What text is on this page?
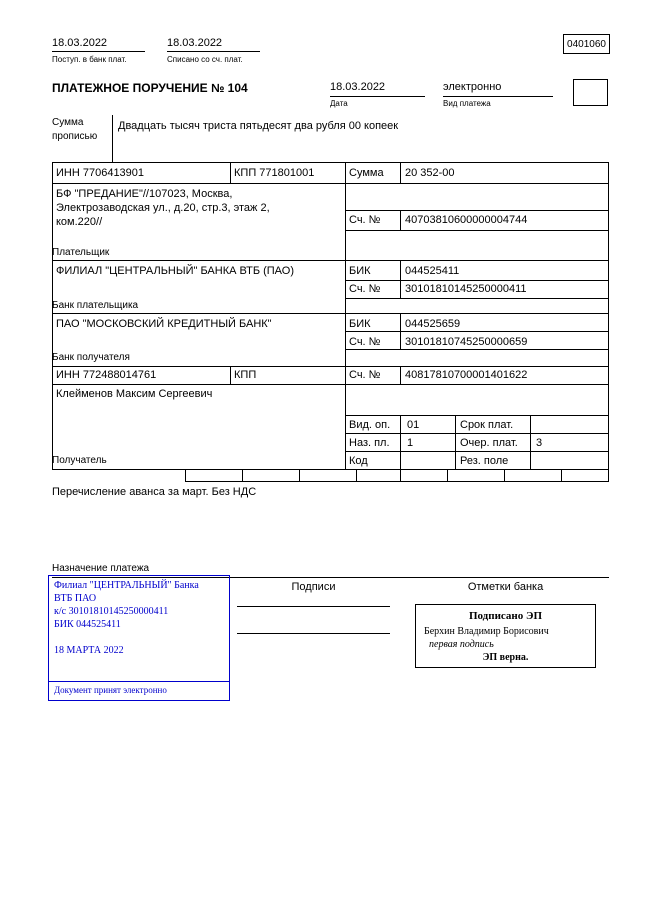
18.03.2022
Поступ. в банк плат.
18.03.2022
Списано со сч. плат.
0401060
ПЛАТЕЖНОЕ ПОРУЧЕНИЕ № 104	18.03.2022
Дата
электронно
Вид платежа
Сумма прописью
Двадцать тысяч триста пятьдесят два рубля 00 копеек
ИНН 7706413901	КПП 771801001	Сумма 20 352-00
БФ "ПРЕДАНИЕ"//107023, Москва, Электрозаводская ул., д.20, стр.3, этаж 2, ком.220//	Сч. № 40703810600000004744
Плательщик
ФИЛИАЛ "ЦЕНТРАЛЬНЫЙ" БАНКА ВТБ (ПАО)	БИК	044525411
Сч. № 30101810145250000411
Банк плательщика
ПАО "МОСКОВСКИЙ КРЕДИТНЫЙ БАНК"	БИК	044525659
Сч. № 30101810745250000659
Банк получателя
ИНН 772488014761	КПП	Сч. № 40817810700001401622
Клейменов Максим Сергеевич
Вид. оп. 01	Срок плат.
Наз. пл. 1	Очер. плат. 3
Получатель	Код	Рез. поле
Перечисление аванса за март. Без НДС
Назначение платежа
Подписи	Отметки банка
Филиал "ЦЕНТРАЛЬНЫЙ" Банка
ВТБ ПАО
к/с 30101810145250000411
БИК 044525411
18 МАРТА 2022
Документ принят электронно
Подписано ЭП
Берхин Владимир Борисович
первая подпись
ЭП верна.
